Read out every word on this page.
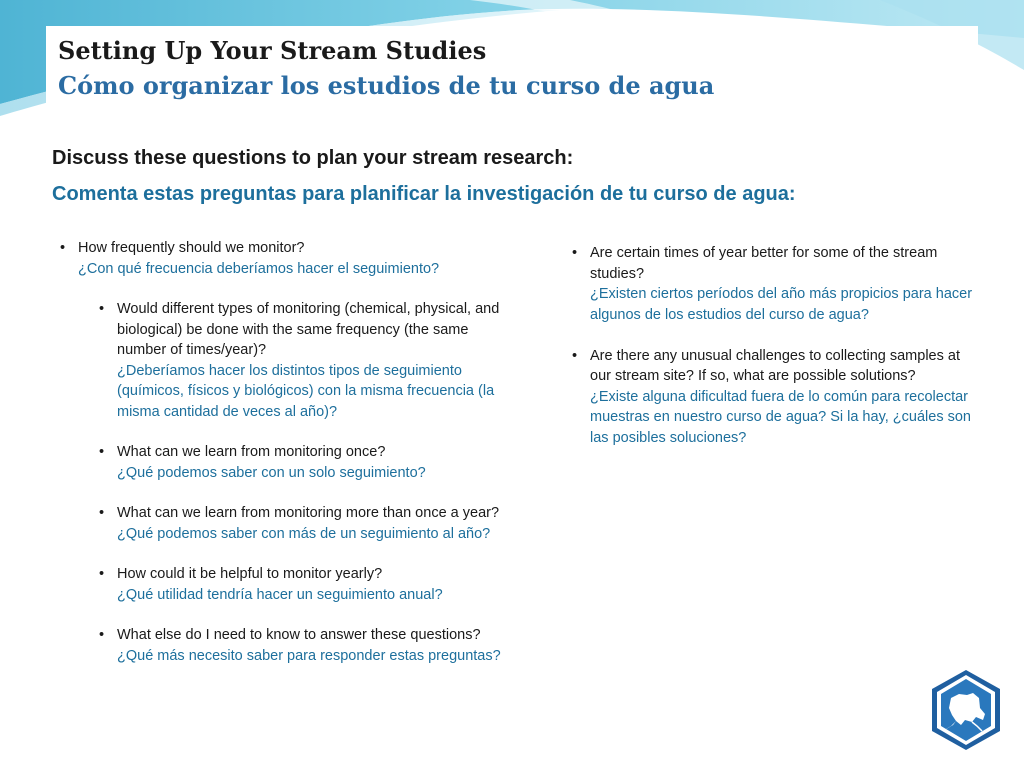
Setting Up Your Stream Studies
Cómo organizar los estudios de tu curso de agua

Discuss these questions to plan your stream research:

Comenta estas preguntas para planificar la investigación de tu curso de agua:

• How frequently should we monitor?

¿Con qué frecuencia deberíamos hacer el seguimiento?

• Would different types of monitoring (chemical, physical, and biological) be done with the same frequency (the same number of times/year)?

¿Deberíamos hacer los distintos tipos de seguimiento (químicos, físicos y biológicos) con la misma frecuencia (la misma cantidad de veces al año)?

• What can we learn from monitoring once?

¿Qué podemos saber con un solo seguimiento?

• What can we learn from monitoring more than once a year?

¿Qué podemos saber con más de un seguimiento al año?

• How could it be helpful to monitor yearly?

¿Qué utilidad tendría hacer un seguimiento anual?

• What else do I need to know to answer these questions?

¿Qué más necesito saber para responder estas preguntas?

• Are certain times of year better for some of the stream studies?

¿Existen ciertos períodos del año más propicios para hacer algunos de los estudios del curso de agua?

• Are there any unusual challenges to collecting samples at our stream site? If so, what are possible solutions?

¿Existe alguna dificultad fuera de lo común para recolectar muestras en nuestro curso de agua? Si la hay, ¿cuáles son las posibles soluciones?
